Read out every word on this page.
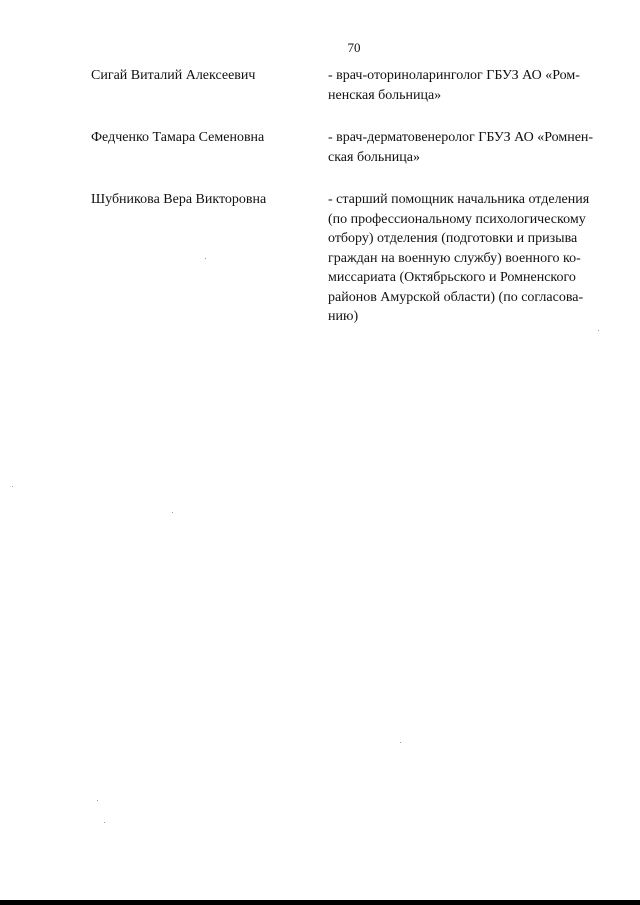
70
Сигай Виталий Алексеевич	- врач-оториноларинголог ГБУЗ АО «Ром-
ненская больница»
Федченко Тамара Семеновна	- врач-дерматовенеролог ГБУЗ АО «Ромнен-
ская больница»
Шубникова Вера Викторовна	- старший помощник начальника отделения
(по профессиональному психологическому
отбору) отделения (подготовки и призыва
граждан на военную службу) военного ко-
миссариата (Октябрьского и Ромненского
районов Амурской области) (по согласова-
нию)
